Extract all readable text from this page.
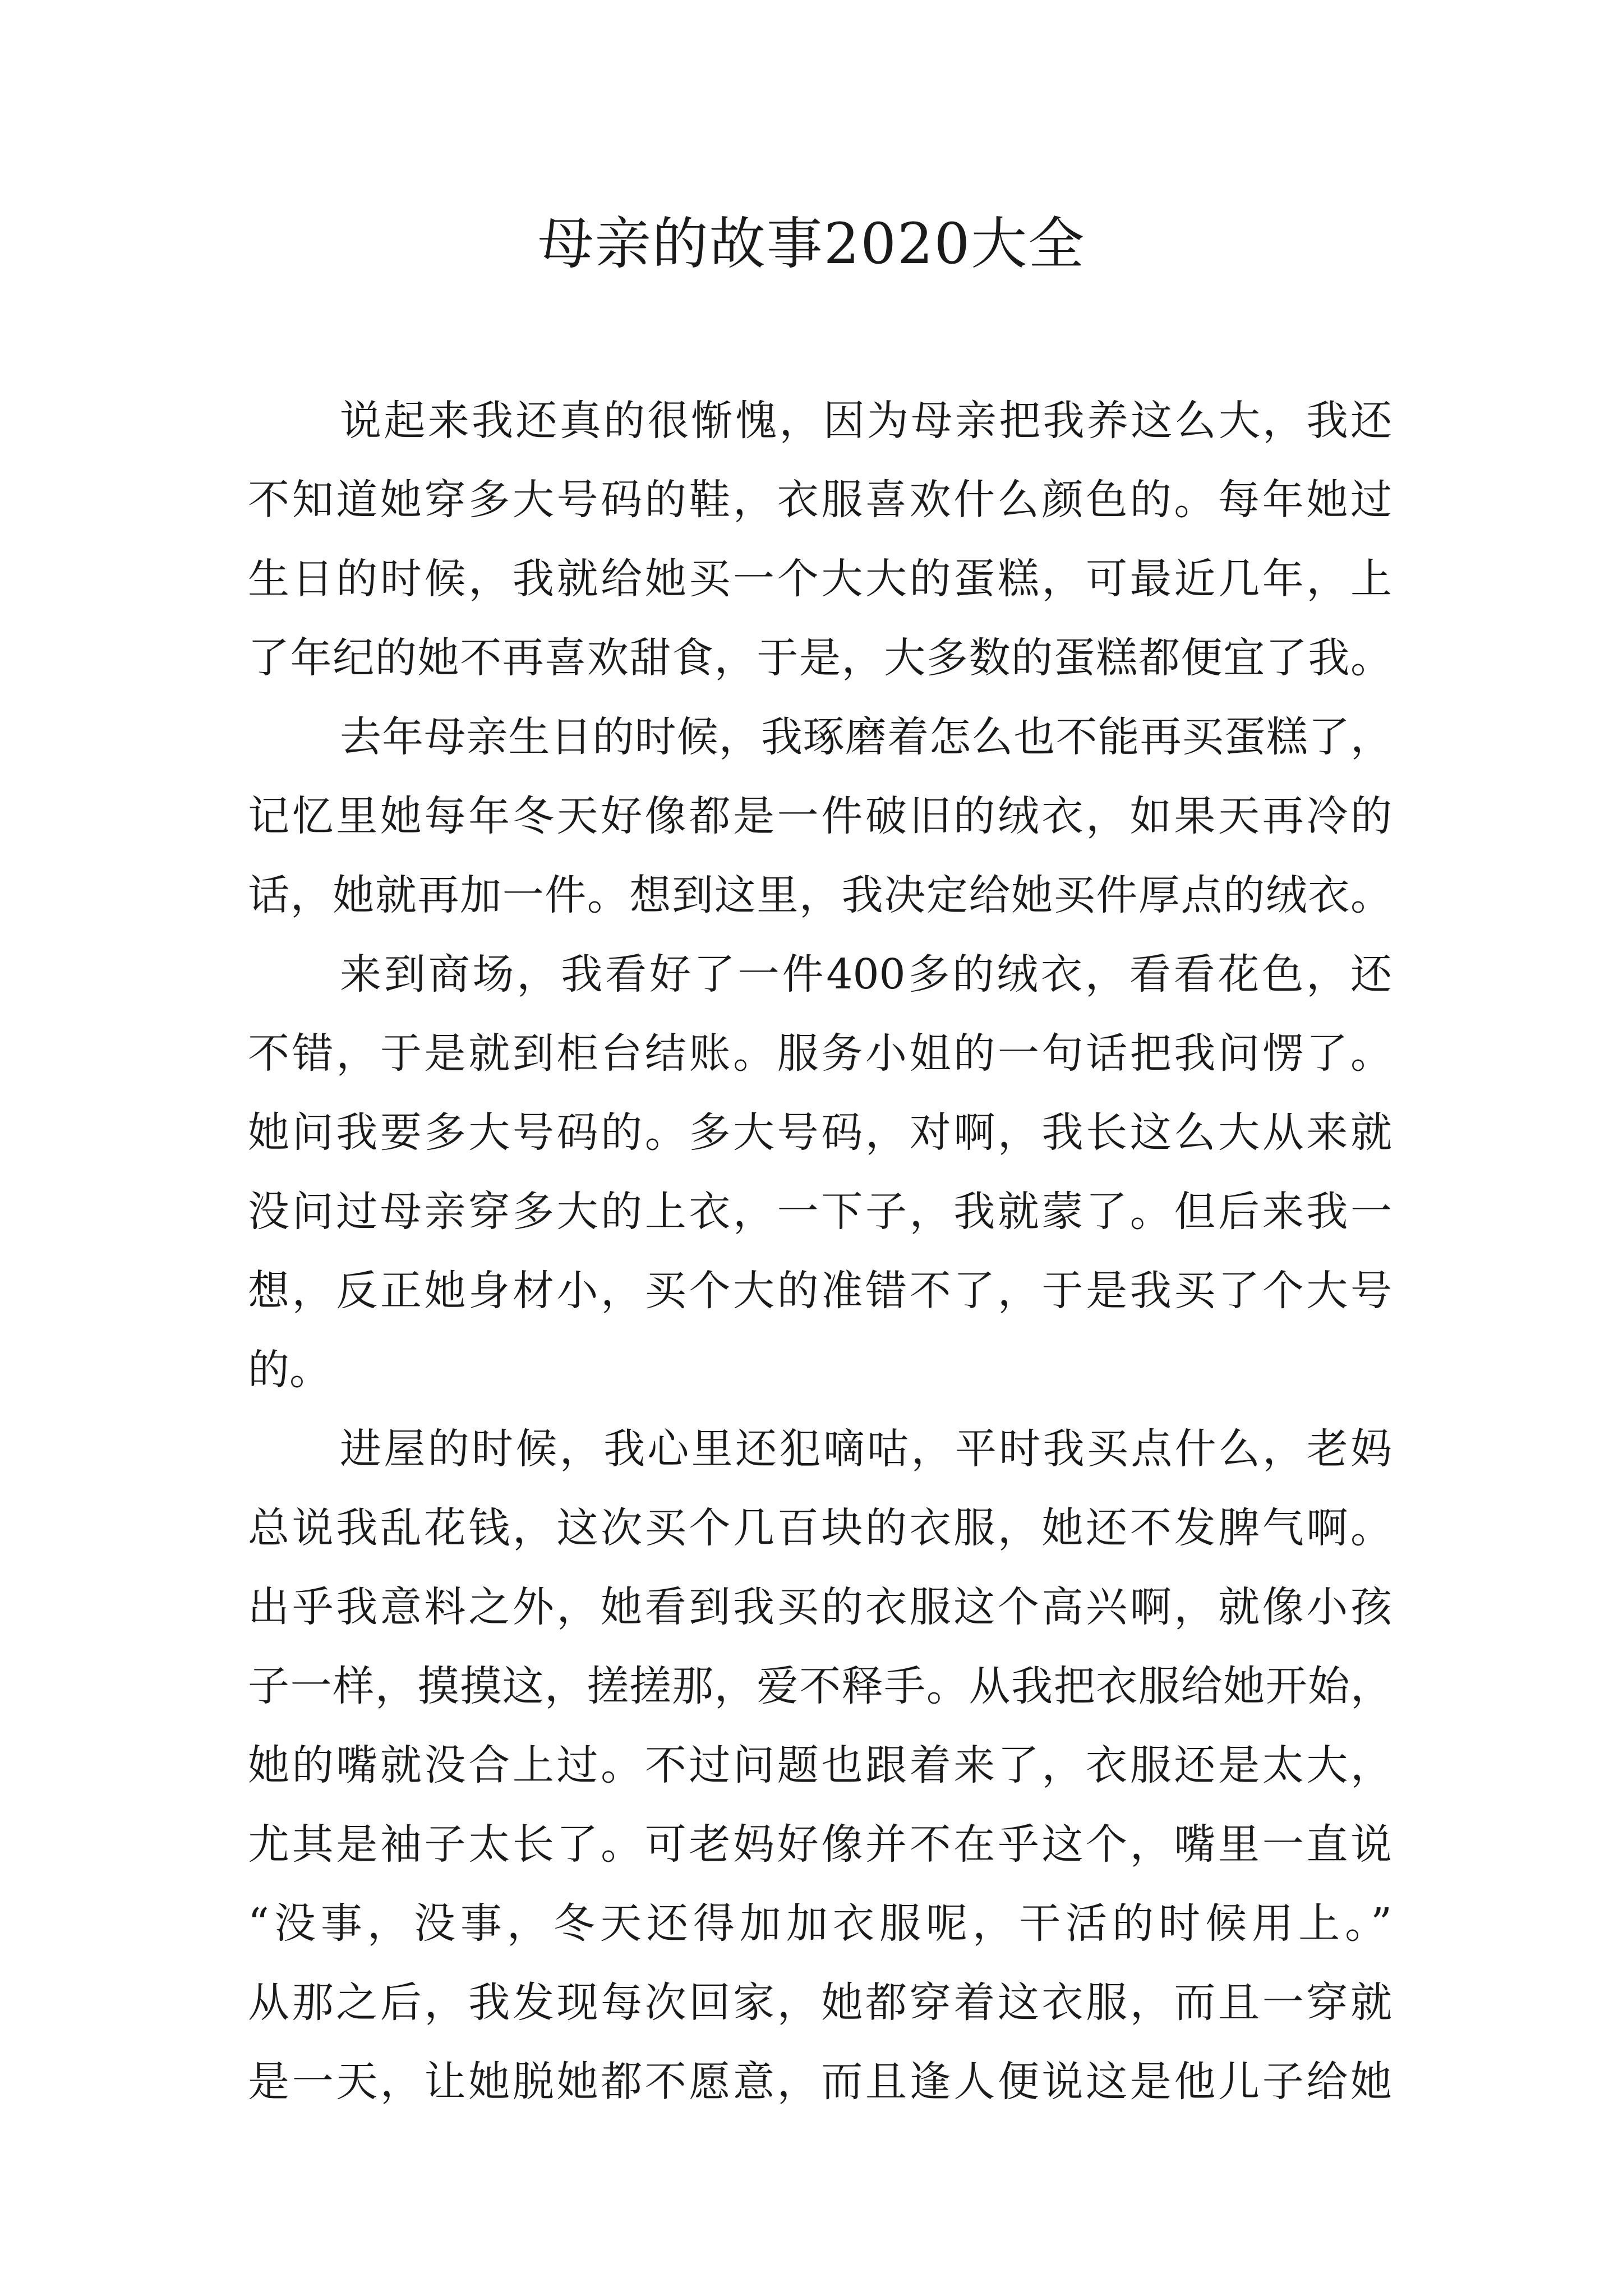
母亲的故事2020大全

说起来我还真的很惭愧，因为母亲把我养这么大，我还

不知道她穿多大号码的鞋，衣服喜欢什么颜色的。每年她过

生日的时候，我就给她买一个大大的蛋糕，可最近几年，上

了年纪的她不再喜欢甜食，于是，大多数的蛋糕都便宜了我。

去年母亲生日的时候，我琢磨着怎么也不能再买蛋糕了，

记忆里她每年冬天好像都是一件破旧的绒衣，如果天再冷的

话，她就再加一件。想到这里，我决定给她买件厚点的绒衣。

来到商场，我看好了一件400多的绒衣，看看花色，还

不错，于是就到柜台结账。服务小姐的一句话把我问愣了。

她问我要多大号码的。多大号码，对啊，我长这么大从来就

没问过母亲穿多大的上衣，一下子，我就蒙了。但后来我一

想，反正她身材小，买个大的准错不了，于是我买了个大号

的。

进屋的时候，我心里还犯嘀咕，平时我买点什么，老妈

总说我乱花钱，这次买个几百块的衣服，她还不发脾气啊。

出乎我意料之外，她看到我买的衣服这个高兴啊，就像小孩

子一样，摸摸这，搓搓那，爱不释手。从我把衣服给她开始，

她的嘴就没合上过。不过问题也跟着来了，衣服还是太大，

尤其是袖子太长了。可老妈好像并不在乎这个，嘴里一直说

“没事，没事，冬天还得加加衣服呢，干活的时候用上。”

从那之后，我发现每次回家，她都穿着这衣服，而且一穿就

是一天，让她脱她都不愿意，而且逢人便说这是他儿子给她
